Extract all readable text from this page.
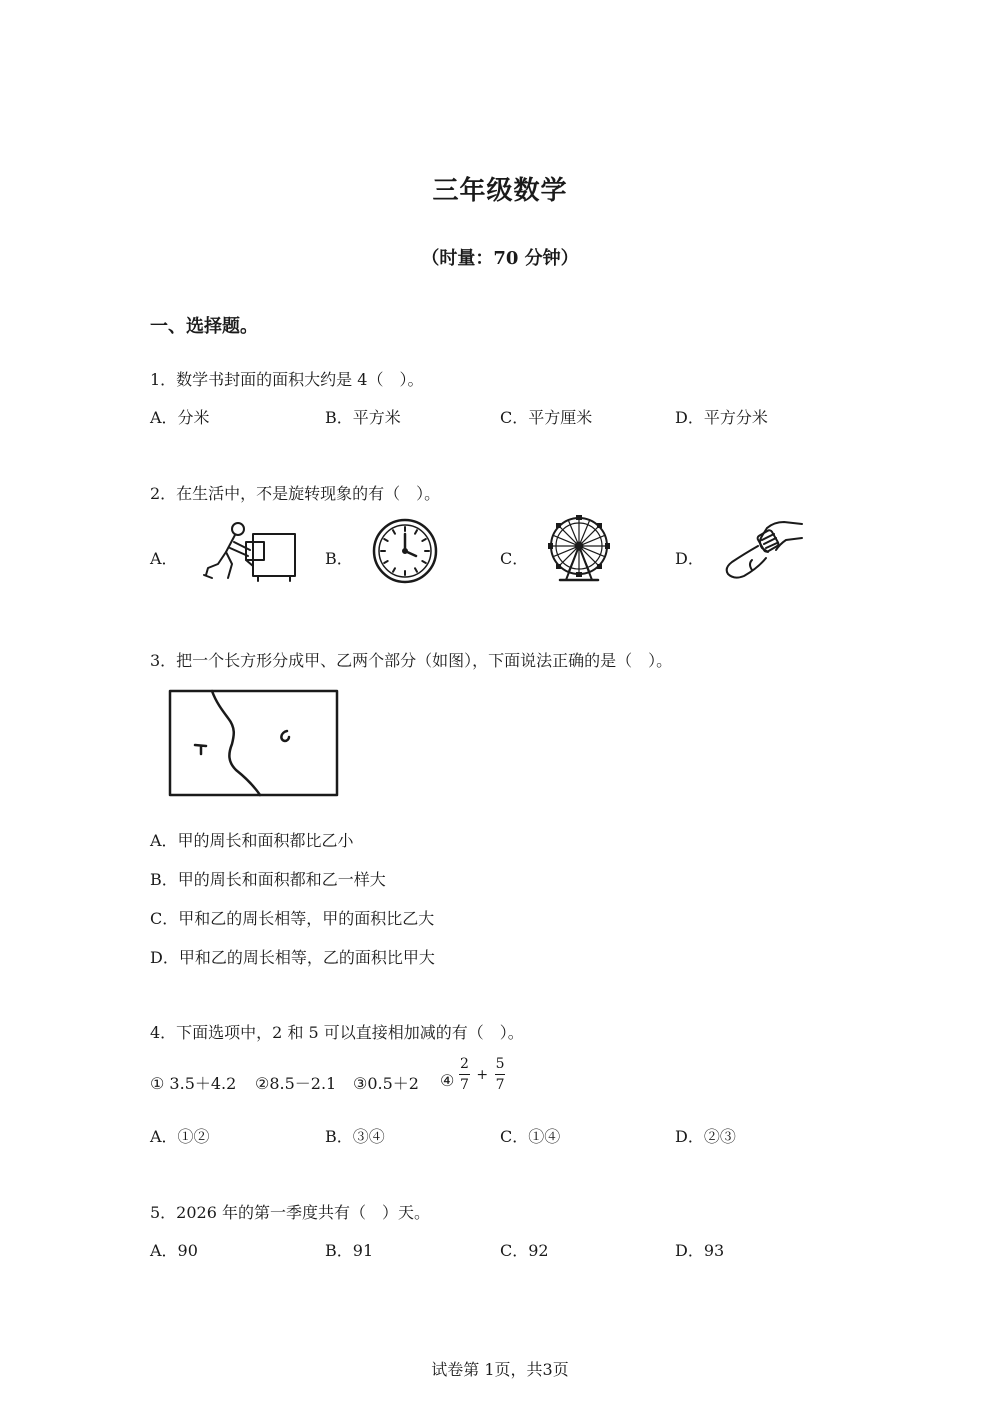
三年级数学
（时量：70 分钟）
一、选择题。
1．数学书封面的面积大约是 4（　）。
A．分米	B．平方米	C．平方厘米	D．平方分米
2．在生活中，不是旋转现象的有（　）。
A．	B．	C．	D．
3．把一个长方形分成甲、乙两个部分（如图），下面说法正确的是（　）。
A．甲的周长和面积都比乙小
B．甲的周长和面积都和乙一样大
C．甲和乙的周长相等，甲的面积比乙大
D．甲和乙的周长相等，乙的面积比甲大
4．下面选项中，2 和 5 可以直接相加减的有（　）。
① 3.5＋4.2 ②8.5－2.1 ③0.5＋2 ④ $\frac{2}{7} + \frac{5}{7}$
A．①②	B．③④	C．①④	D．②③
5．2026 年的第一季度共有（　）天。
A．90	B．91	C．92	D．93
试卷第 1页，共3页
